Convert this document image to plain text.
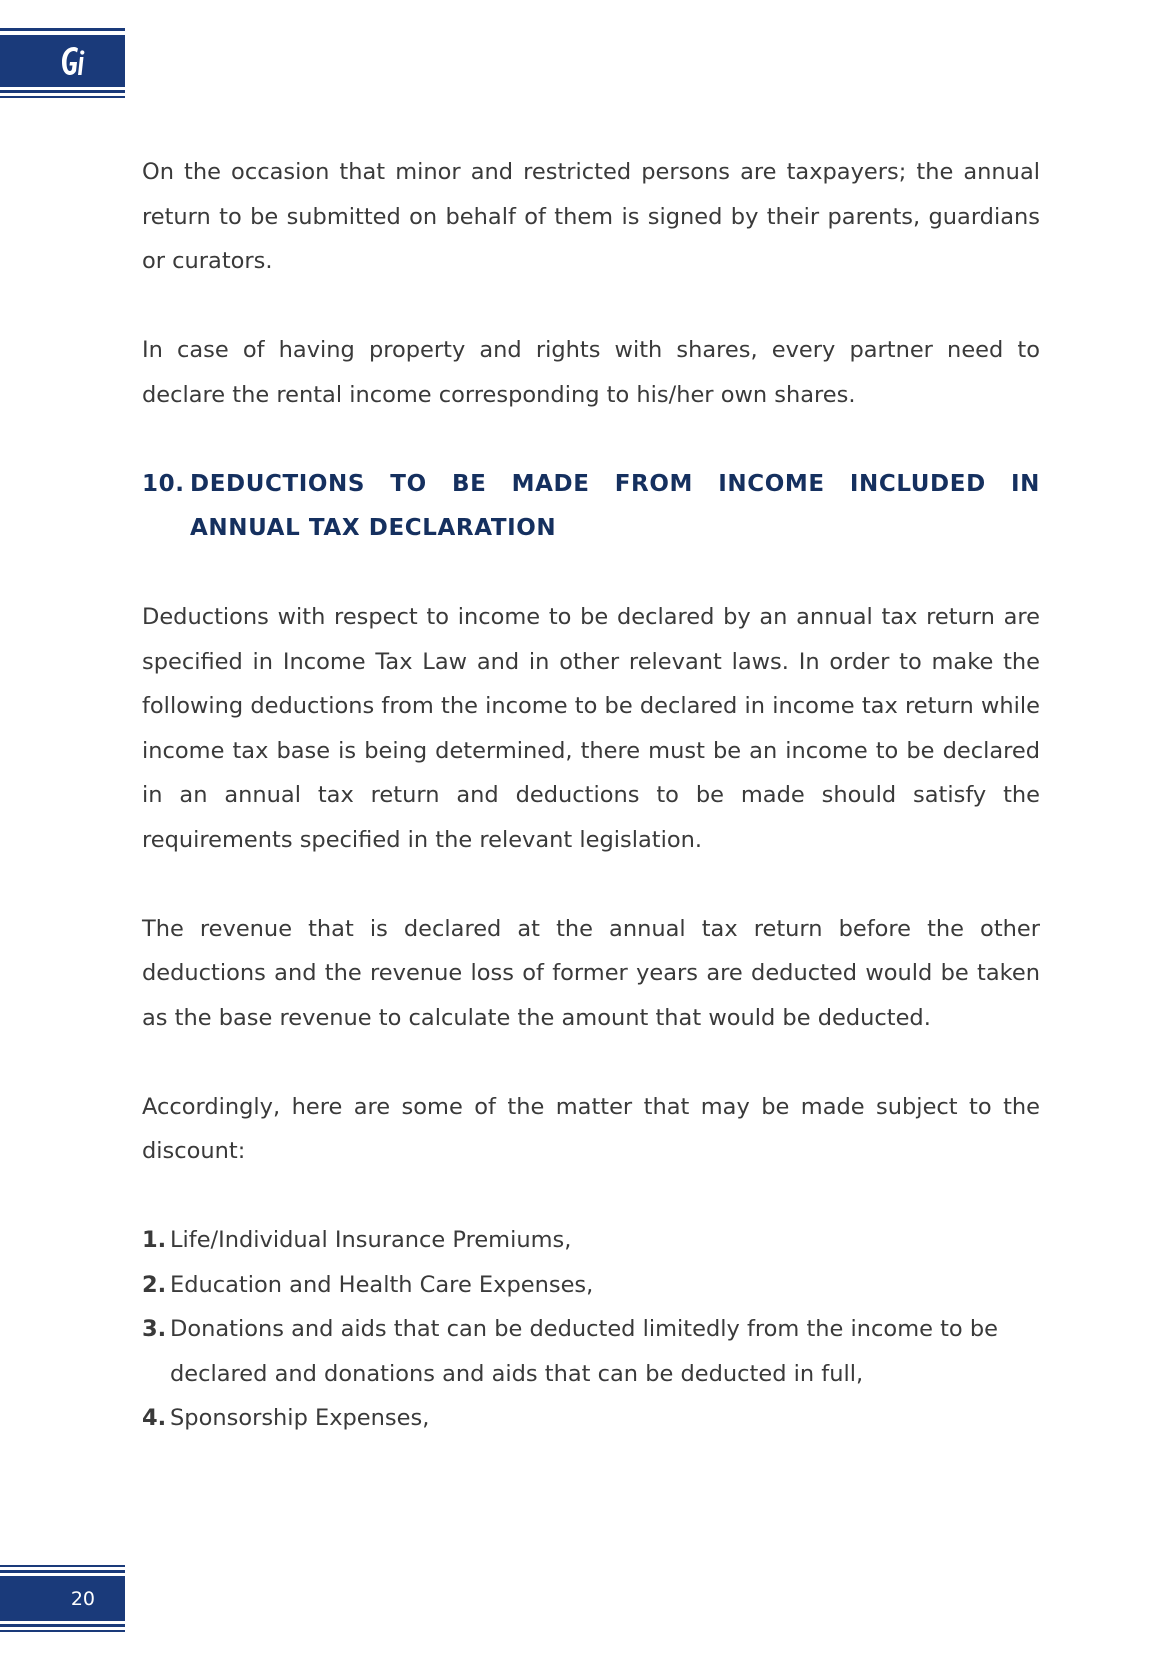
On the occasion that minor and restricted persons are taxpayers; the annual return to be submitted on behalf of them is signed by their parents, guardians or curators.

In case of having property and rights with shares, every partner need to declare the rental income corresponding to his/her own shares.

10. DEDUCTIONS TO BE MADE FROM INCOME INCLUDED IN ANNUAL TAX DECLARATION

Deductions with respect to income to be declared by an annual tax return are specified in Income Tax Law and in other relevant laws. In order to make the following deductions from the income to be declared in income tax return while income tax base is being determined, there must be an income to be declared in an annual tax return and deductions to be made should satisfy the requirements specified in the relevant legislation.

The revenue that is declared at the annual tax return before the other deductions and the revenue loss of former years are deducted would be taken as the base revenue to calculate the amount that would be deducted.

Accordingly, here are some of the matter that may be made subject to the discount:

1. Life/Individual Insurance Premiums,
2. Education and Health Care Expenses,
3. Donations and aids that can be deducted limitedly from the income to be declared and donations and aids that can be deducted in full,
4. Sponsorship Expenses,
20
